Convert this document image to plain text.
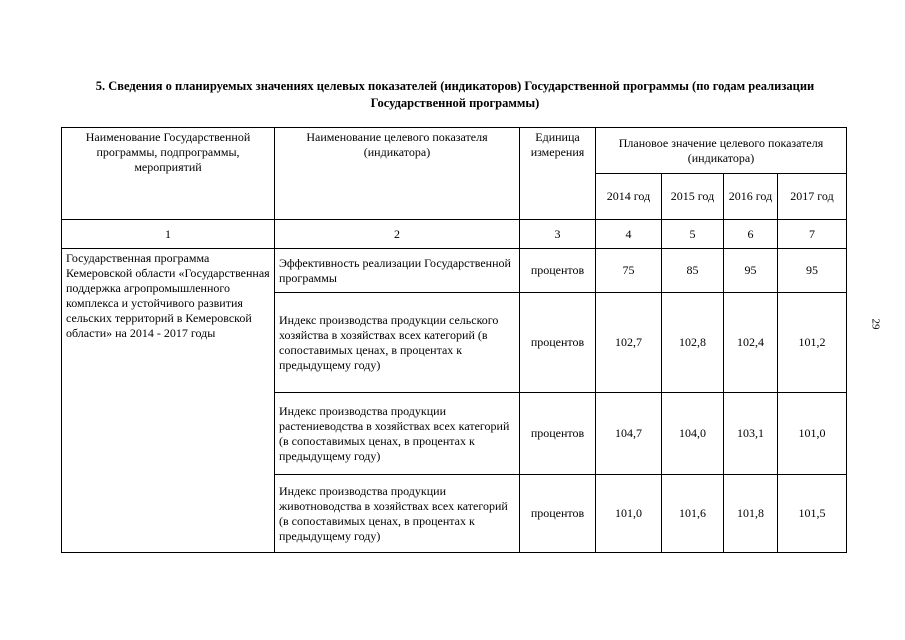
5. Сведения о планируемых значениях целевых показателей (индикаторов) Государственной программы (по годам реализации Государственной программы)
29
Наименование Государственной программы, подпрограммы, мероприятий	Наименование целевого показателя (индикатора)	Единица измерения	Плановое значение целевого показателя (индикатора)			
			2014 год	2015 год	2016 год	2017 год
1	2	3	4	5	6	7
Государственная программа Кемеровской области «Государственная поддержка агропромышленного комплекса и устойчивого развития сельских территорий в Кемеровской области» на 2014 - 2017 годы	Эффективность реализации Государственной программы	процентов	75	85	95	95
	Индекс производства продукции сельского хозяйства в хозяйствах всех категорий (в сопоставимых ценах, в процентах к предыдущему году)	процентов	102,7	102,8	102,4	101,2
	Индекс производства продукции растениеводства в хозяйствах всех категорий (в сопоставимых ценах, в процентах к предыдущему году)	процентов	104,7	104,0	103,1	101,0
	Индекс производства продукции животноводства в хозяйствах всех категорий (в сопоставимых ценах, в процентах к предыдущему году)	процентов	101,0	101,6	101,8	101,5
